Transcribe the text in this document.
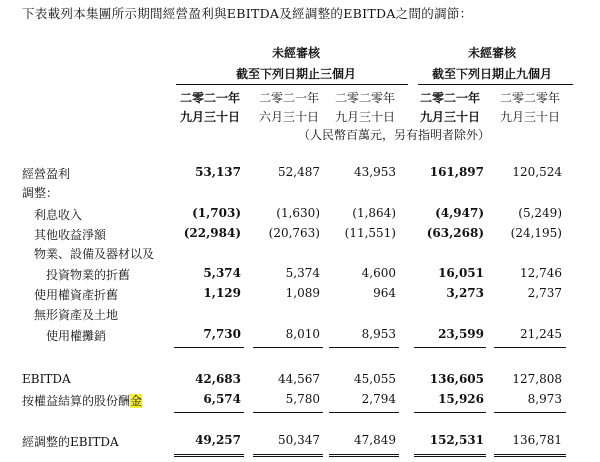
下表載列本集團所示期間經營盈利與EBITDA及經調整的EBITDA之間的調節：
未經審核
截至下列日期止三個月
未經審核
截至下列日期止九個月
二零二一年	二零二一年	二零二零年	二零二一年	二零二零年
九月三十日	六月三十日	九月三十日	九月三十日	九月三十日
（人民幣百萬元，另有指明者除外）
經營盈利	53,137	52,487	43,953	161,897	120,524
調整：
利息收入	(1,703)	(1,630)	(1,864)	(4,947)	(5,249)
其他收益淨額	(22,984)	(20,763)	(11,551)	(63,268)	(24,195)
物業、設備及器材以及
投資物業的折舊	5,374	5,374	4,600	16,051	12,746
使用權資產折舊	1,129	1,089	964	3,273	2,737
無形資產及土地
使用權攤銷	7,730	8,010	8,953	23,599	21,245
EBITDA	42,683	44,567	45,055	136,605	127,808
按權益結算的股份酬金	6,574	5,780	2,794	15,926	8,973
經調整的EBITDA	49,257	50,347	47,849	152,531	136,781
